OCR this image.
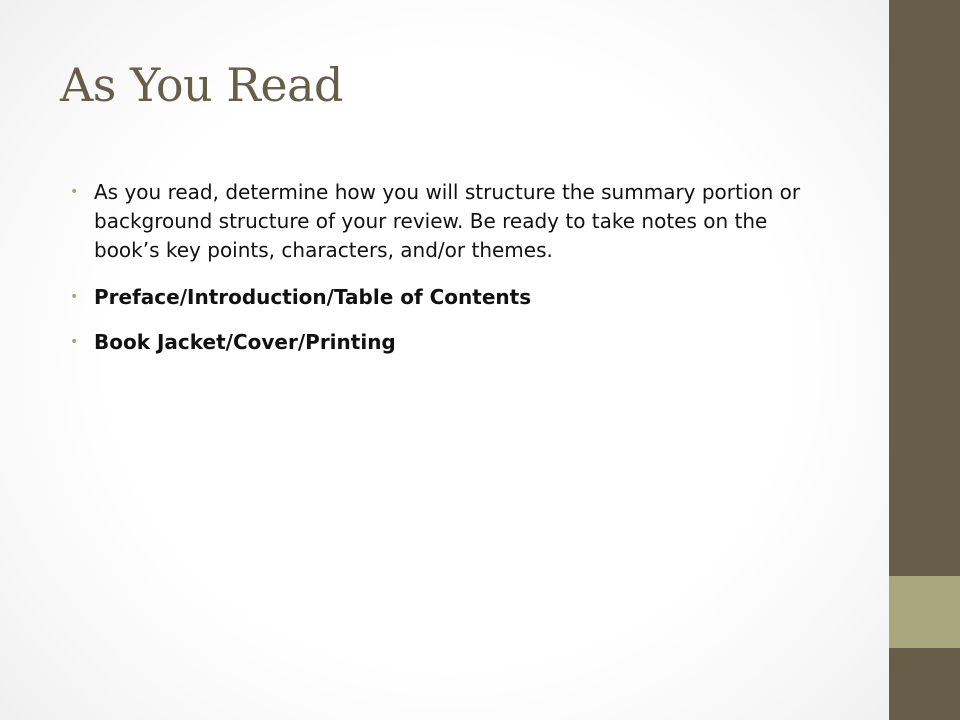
As You Read
• As you read, determine how you will structure the summary portion or background structure of your review. Be ready to take notes on the book’s key points, characters, and/or themes.
• Preface/Introduction/Table of Contents
• Book Jacket/Cover/Printing
